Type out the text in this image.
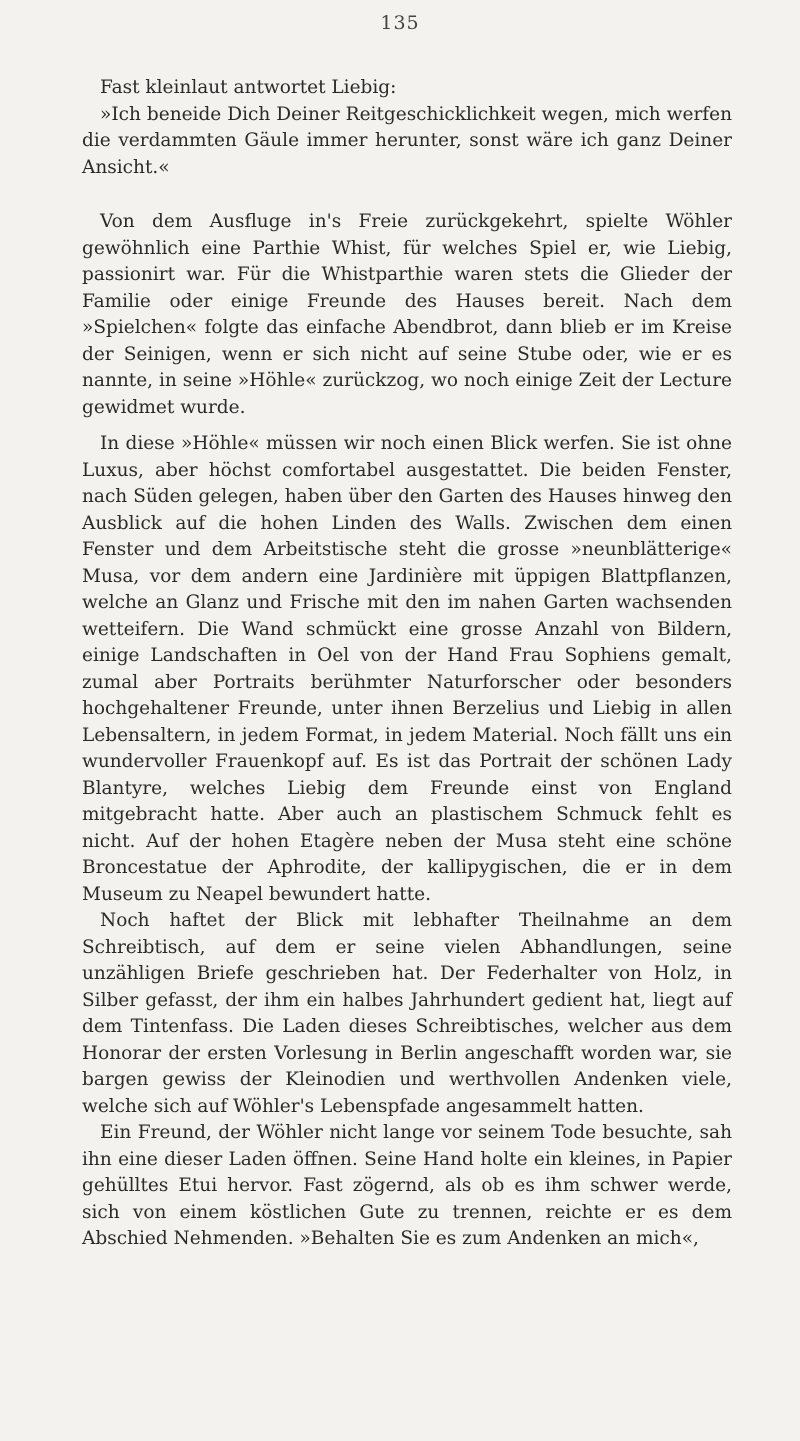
135

Fast kleinlaut antwortet Liebig:

»Ich beneide Dich Deiner Reitgeschicklichkeit wegen, mich werfen die verdammten Gäule immer herunter, sonst wäre ich ganz Deiner Ansicht.«

Von dem Ausfluge in's Freie zurückgekehrt, spielte Wöhler gewöhnlich eine Parthie Whist, für welches Spiel er, wie Liebig, passionirt war. Für die Whistparthie waren stets die Glieder der Familie oder einige Freunde des Hauses bereit. Nach dem »Spielchen« folgte das einfache Abendbrot, dann blieb er im Kreise der Seinigen, wenn er sich nicht auf seine Stube oder, wie er es nannte, in seine »Höhle« zurückzog, wo noch einige Zeit der Lecture gewidmet wurde.

In diese »Höhle« müssen wir noch einen Blick werfen. Sie ist ohne Luxus, aber höchst comfortabel ausgestattet. Die beiden Fenster, nach Süden gelegen, haben über den Garten des Hauses hinweg den Ausblick auf die hohen Linden des Walls. Zwischen dem einen Fenster und dem Arbeitstische steht die grosse »neunblätterige« Musa, vor dem andern eine Jardinière mit üppigen Blattpflanzen, welche an Glanz und Frische mit den im nahen Garten wachsenden wetteifern. Die Wand schmückt eine grosse Anzahl von Bildern, einige Landschaften in Oel von der Hand Frau Sophiens gemalt, zumal aber Portraits berühmter Naturforscher oder besonders hochgehaltener Freunde, unter ihnen Berzelius und Liebig in allen Lebensaltern, in jedem Format, in jedem Material. Noch fällt uns ein wundervoller Frauenkopf auf. Es ist das Portrait der schönen Lady Blantyre, welches Liebig dem Freunde einst von England mitgebracht hatte. Aber auch an plastischem Schmuck fehlt es nicht. Auf der hohen Etagère neben der Musa steht eine schöne Broncestatue der Aphrodite, der kallipygischen, die er in dem Museum zu Neapel bewundert hatte.

Noch haftet der Blick mit lebhafter Theilnahme an dem Schreibtisch, auf dem er seine vielen Abhandlungen, seine unzähligen Briefe geschrieben hat. Der Federhalter von Holz, in Silber gefasst, der ihm ein halbes Jahrhundert gedient hat, liegt auf dem Tintenfass. Die Laden dieses Schreibtisches, welcher aus dem Honorar der ersten Vorlesung in Berlin angeschafft worden war, sie bargen gewiss der Kleinodien und werthvollen Andenken viele, welche sich auf Wöhler's Lebenspfade angesammelt hatten.

Ein Freund, der Wöhler nicht lange vor seinem Tode besuchte, sah ihn eine dieser Laden öffnen. Seine Hand holte ein kleines, in Papier gehülltes Etui hervor. Fast zögernd, als ob es ihm schwer werde, sich von einem köstlichen Gute zu trennen, reichte er es dem Abschied Nehmenden. »Behalten Sie es zum Andenken an mich«,
